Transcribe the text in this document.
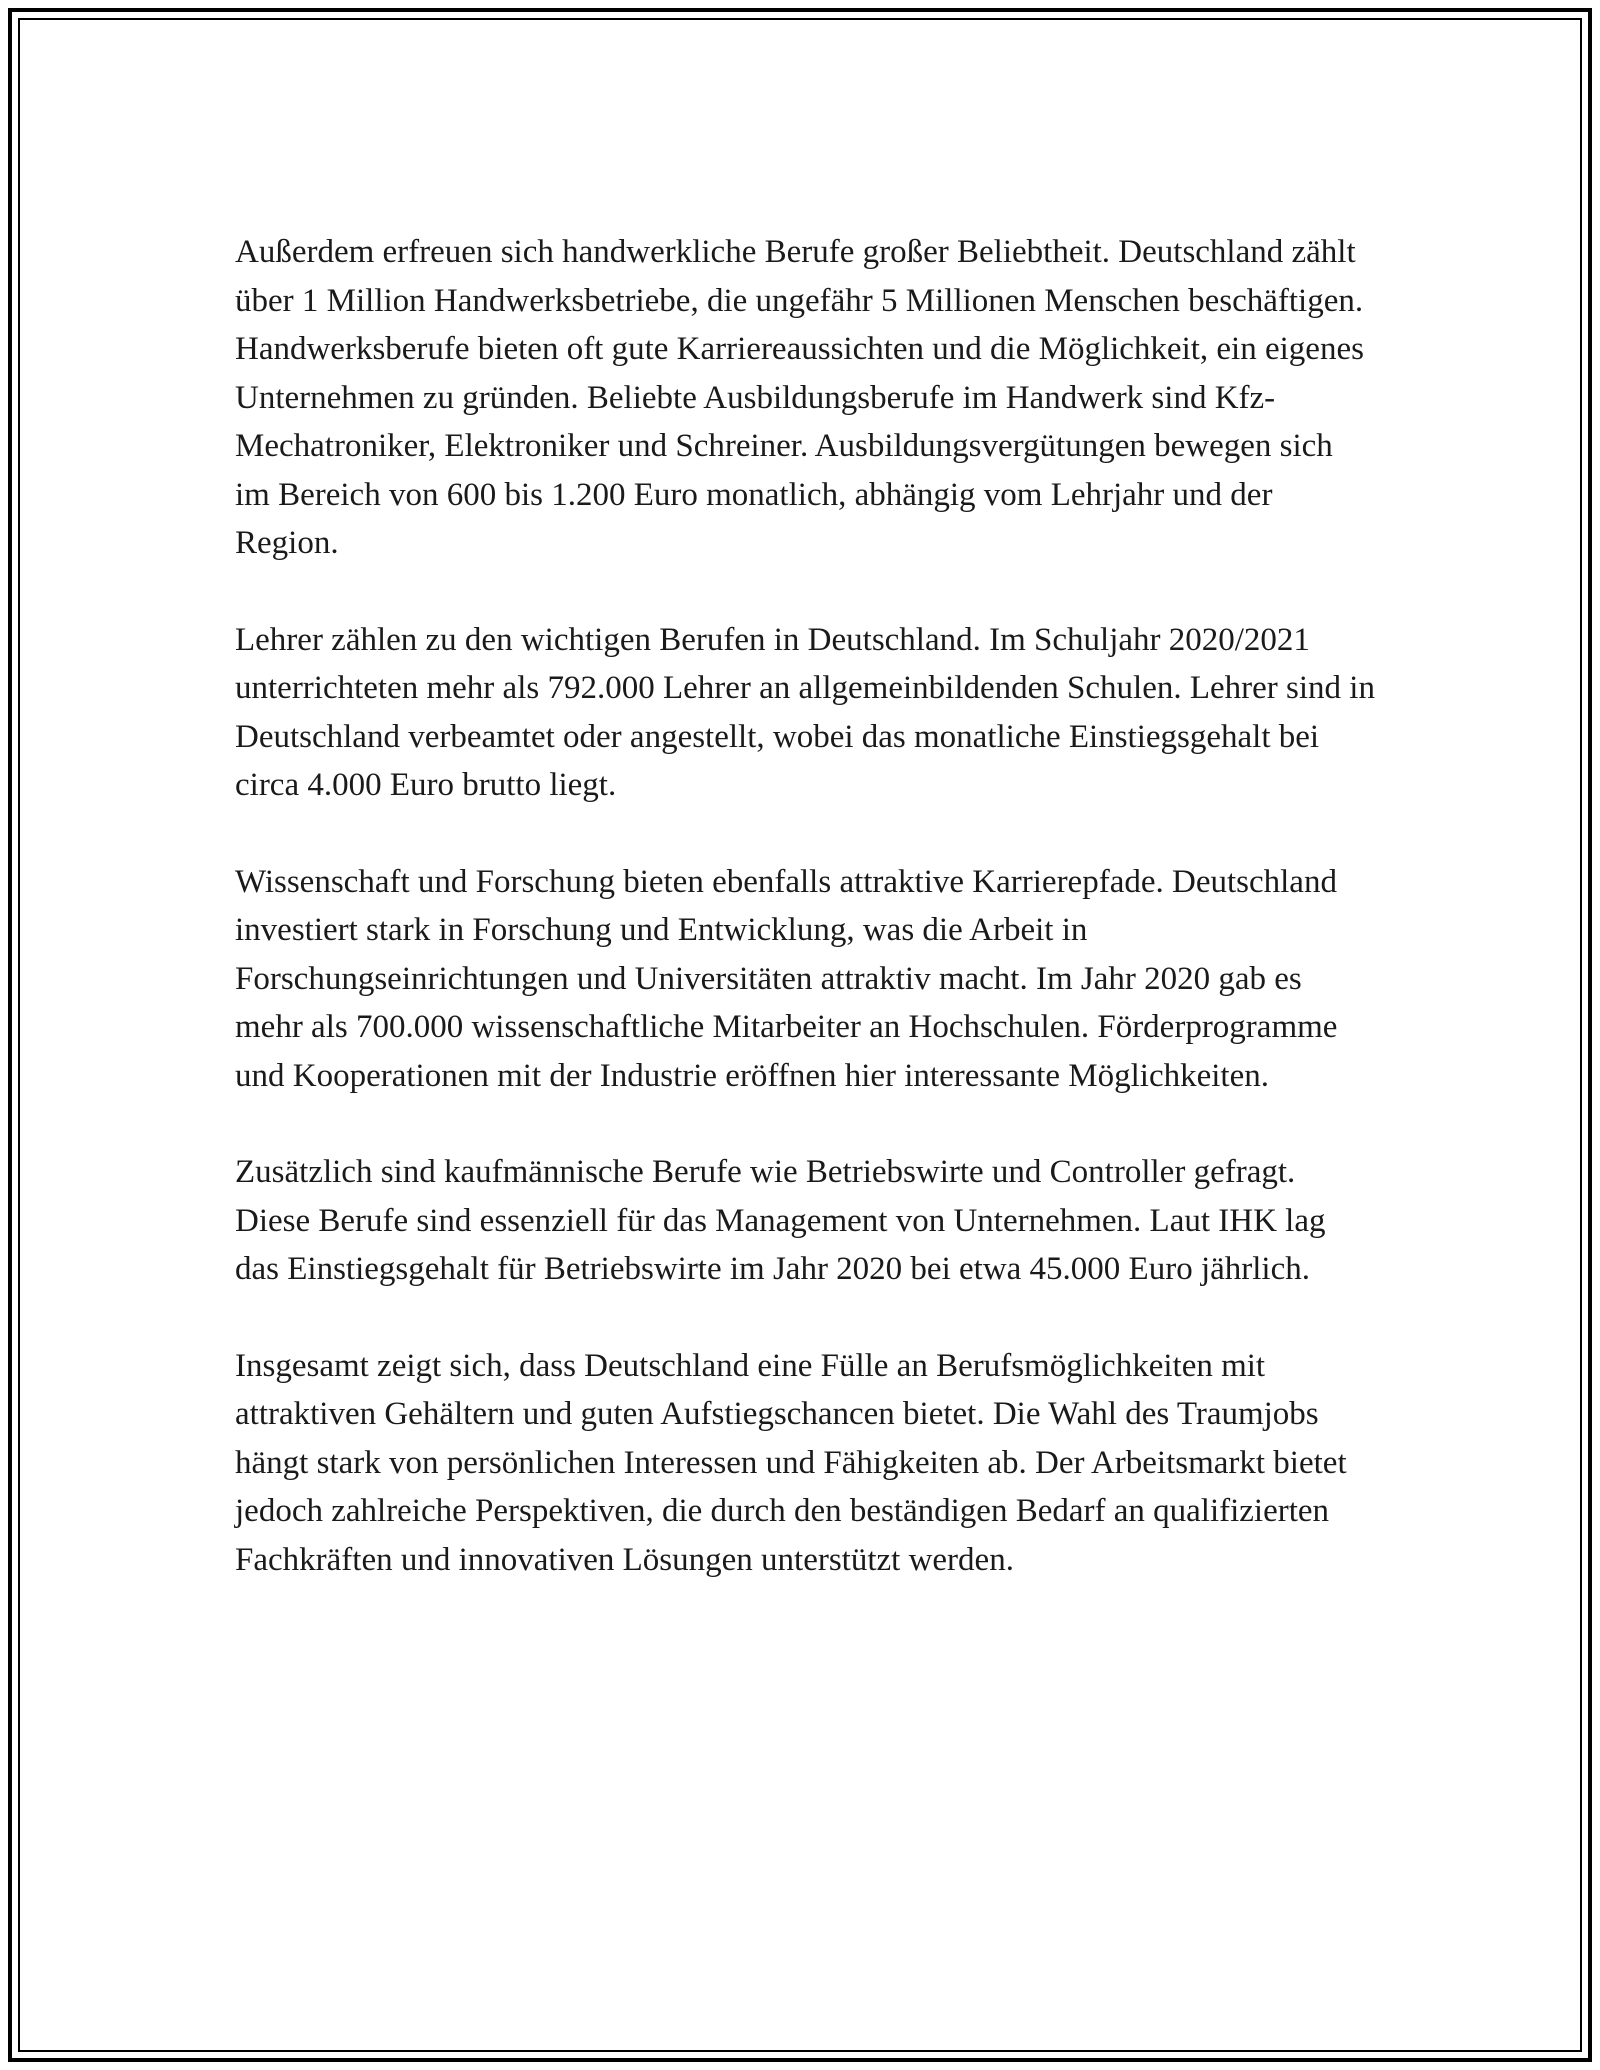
Außerdem erfreuen sich handwerkliche Berufe großer Beliebtheit. Deutschland zählt über 1 Million Handwerksbetriebe, die ungefähr 5 Millionen Menschen beschäftigen. Handwerksberufe bieten oft gute Karriereaussichten und die Möglichkeit, ein eigenes Unternehmen zu gründen. Beliebte Ausbildungsberufe im Handwerk sind Kfz-Mechatroniker, Elektroniker und Schreiner. Ausbildungsvergütungen bewegen sich im Bereich von 600 bis 1.200 Euro monatlich, abhängig vom Lehrjahr und der Region.

Lehrer zählen zu den wichtigen Berufen in Deutschland. Im Schuljahr 2020/2021 unterrichteten mehr als 792.000 Lehrer an allgemeinbildenden Schulen. Lehrer sind in Deutschland verbeamtet oder angestellt, wobei das monatliche Einstiegsgehalt bei circa 4.000 Euro brutto liegt.

Wissenschaft und Forschung bieten ebenfalls attraktive Karrierepfade. Deutschland investiert stark in Forschung und Entwicklung, was die Arbeit in Forschungseinrichtungen und Universitäten attraktiv macht. Im Jahr 2020 gab es mehr als 700.000 wissenschaftliche Mitarbeiter an Hochschulen. Förderprogramme und Kooperationen mit der Industrie eröffnen hier interessante Möglichkeiten.

Zusätzlich sind kaufmännische Berufe wie Betriebswirte und Controller gefragt. Diese Berufe sind essenziell für das Management von Unternehmen. Laut IHK lag das Einstiegsgehalt für Betriebswirte im Jahr 2020 bei etwa 45.000 Euro jährlich.

Insgesamt zeigt sich, dass Deutschland eine Fülle an Berufsmöglichkeiten mit attraktiven Gehältern und guten Aufstiegschancen bietet. Die Wahl des Traumjobs hängt stark von persönlichen Interessen und Fähigkeiten ab. Der Arbeitsmarkt bietet jedoch zahlreiche Perspektiven, die durch den beständigen Bedarf an qualifizierten Fachkräften und innovativen Lösungen unterstützt werden.
